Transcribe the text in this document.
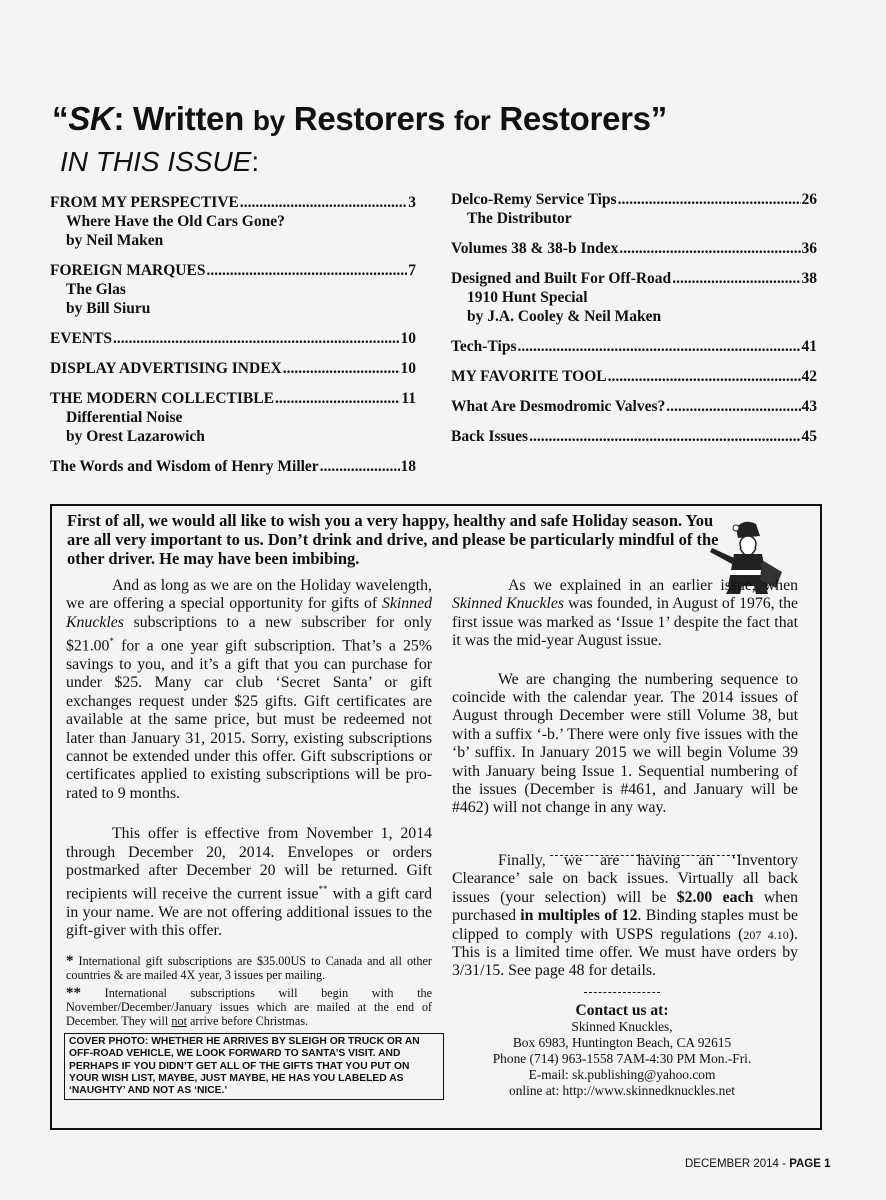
“SK: Written by Restorers for Restorers”
IN THIS ISSUE:
FROM MY PERSPECTIVE .....	3
Where Have the Old Cars Gone?
by Neil Maken
FOREIGN MARQUES .....	7
The Glas
by Bill Siuru
EVENTS .....	10
DISPLAY ADVERTISING INDEX .....	10
THE MODERN COLLECTIBLE .....	11
Differential Noise
by Orest Lazarowich
The Words and Wisdom of Henry Miller .....	18
Delco-Remy Service Tips .....	26
The Distributor
Volumes 38 & 38-b Index .....	36
Designed and Built For Off-Road .....	38
1910 Hunt Special
by J.A. Cooley & Neil Maken
Tech-Tips .....	41
MY FAVORITE TOOL .....	42
What Are Desmodromic Valves? .....	43
Back Issues .....	45
First of all, we would all like to wish you a very happy, healthy and safe Holiday season. You are all very important to us. Don’t drink and drive, and please be particularly mindful of the other driver. He may have been imbibing.

And as long as we are on the Holiday wavelength, we are offering a special opportunity for gifts of Skinned Knuckles subscriptions to a new subscriber for only $21.00* for a one year gift subscription. That’s a 25% savings to you, and it’s a gift that you can purchase for under $25. Many car club ‘Secret Santa’ or gift exchanges request under $25 gifts. Gift certificates are available at the same price, but must be redeemed not later than January 31, 2015. Sorry, existing subscriptions cannot be extended under this offer. Gift subscriptions or certificates applied to existing subscriptions will be pro-rated to 9 months.

This offer is effective from November 1, 2014 through December 20, 2014. Envelopes or orders postmarked after December 20 will be returned. Gift recipients will receive the current issue** with a gift card in your name. We are not offering additional issues to the gift-giver with this offer.

* International gift subscriptions are $35.00US to Canada and all other countries & are mailed 4X year, 3 issues per mailing.
** International subscriptions will begin with the November/December/January issues which are mailed at the end of December. They will not arrive before Christmas.
COVER PHOTO: WHETHER HE ARRIVES BY SLEIGH OR TRUCK OR AN OFF-ROAD VEHICLE, WE LOOK FORWARD TO SANTA’S VISIT. AND PERHAPS IF YOU DIDN’T GET ALL OF THE GIFTS THAT YOU PUT ON YOUR WISH LIST, MAYBE, JUST MAYBE, HE HAS YOU LABELED AS ‘NAUGHTY’ AND NOT AS ‘NICE.’

As we explained in an earlier issue, when Skinned Knuckles was founded, in August of 1976, the first issue was marked as ‘Issue 1’ despite the fact that it was the mid-year August issue.

We are changing the numbering sequence to coincide with the calendar year. The 2014 issues of August through December were still Volume 38, but with a suffix ‘-b.’ There were only five issues with the ‘b’ suffix. In January 2015 we will begin Volume 39 with January being Issue 1. Sequential numbering of the issues (December is #461, and January will be #462) will not change in any way.

Finally, we are having an ‘Inventory Clearance’ sale on back issues. Virtually all back issues (your selection) will be $2.00 each when purchased in multiples of 12. Binding staples must be clipped to comply with USPS regulations (207 4.10). This is a limited time offer. We must have orders by 3/31/15. See page 48 for details.

Contact us at:
Skinned Knuckles,
Box 6983, Huntington Beach, CA 92615
Phone (714) 963-1558 7AM-4:30 PM Mon.-Fri.
E-mail: sk.publishing@yahoo.com
online at: http://www.skinnedknuckles.net
DECEMBER 2014 - PAGE 1
